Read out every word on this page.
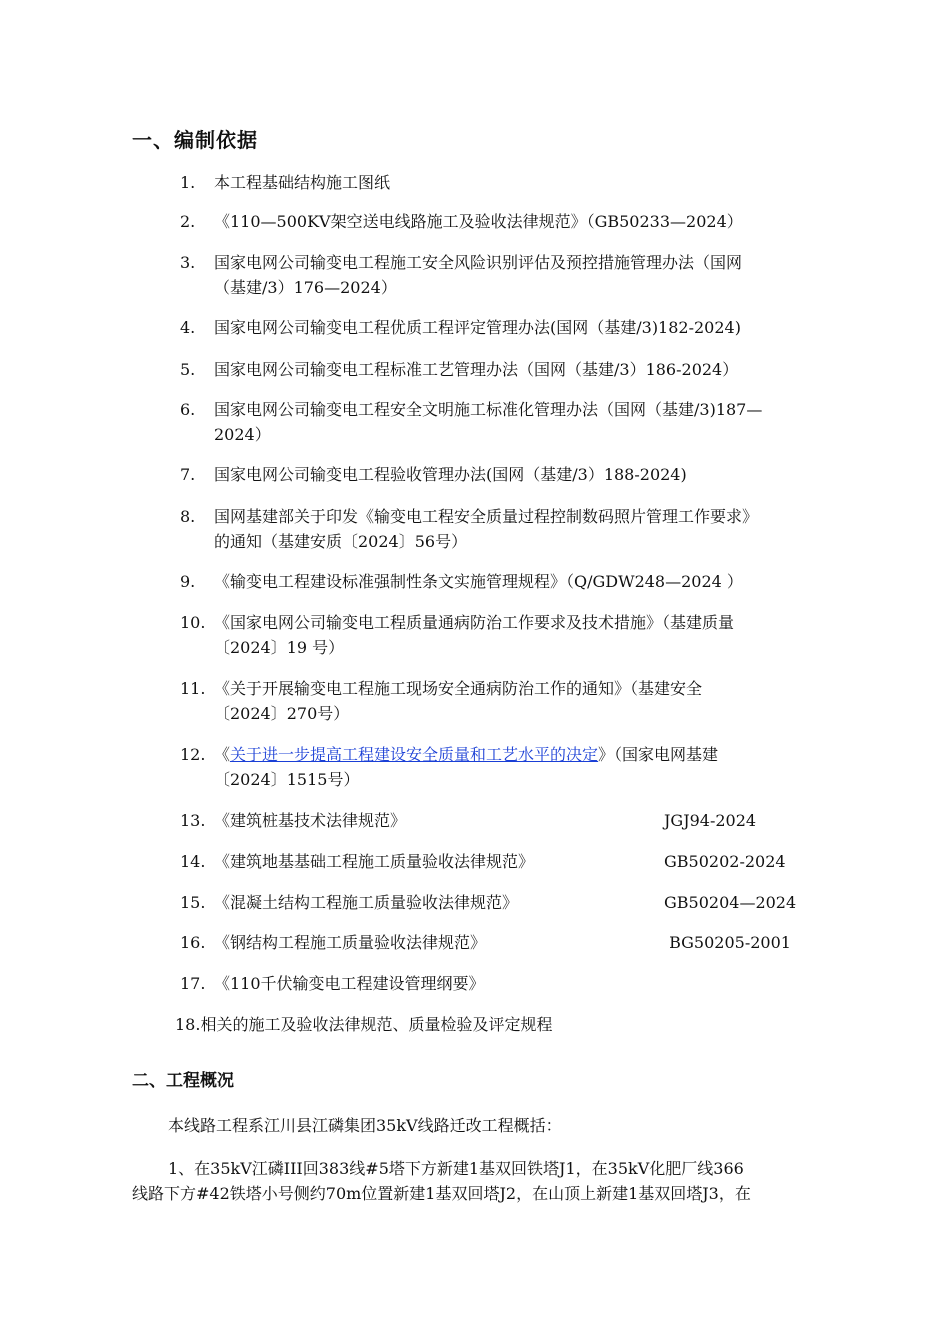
一、编制依据
1. 本工程基础结构施工图纸
2. 《110—500KV架空送电线路施工及验收法律规范》（GB50233—2024）
3. 国家电网公司输变电工程施工安全风险识别评估及预控措施管理办法（国网
（基建/3）176—2024）
4. 国家电网公司输变电工程优质工程评定管理办法(国网（基建/3)182-2024)
5. 国家电网公司输变电工程标准工艺管理办法（国网（基建/3）186-2024）
6. 国家电网公司输变电工程安全文明施工标准化管理办法（国网（基建/3)187—
2024）
7. 国家电网公司输变电工程验收管理办法(国网（基建/3）188-2024)
8. 国网基建部关于印发《输变电工程安全质量过程控制数码照片管理工作要求》
的通知（基建安质〔2024〕56号）
9. 《输变电工程建设标准强制性条文实施管理规程》（Q/GDW248—2024 ）
10. 《国家电网公司输变电工程质量通病防治工作要求及技术措施》（基建质量
〔2024〕19 号）
11. 《关于开展输变电工程施工现场安全通病防治工作的通知》（基建安全
〔2024〕270号）
12. 《关于进一步提高工程建设安全质量和工艺水平的决定》（国家电网基建
〔2024〕1515号）
13. 《建筑桩基技术法律规范》	JGJ94-2024
14. 《建筑地基基础工程施工质量验收法律规范》	GB50202-2024
15. 《混凝土结构工程施工质量验收法律规范》	GB50204—2024
16. 《钢结构工程施工质量验收法律规范》	BG50205-2001
17. 《110千伏输变电工程建设管理纲要》
18.相关的施工及验收法律规范、质量检验及评定规程
二、工程概况
本线路工程系江川县江磷集团35kV线路迁改工程概括：
1、在35kV江磷III回383线#5塔下方新建1基双回铁塔J1，在35kV化肥厂线366
线路下方#42铁塔小号侧约70m位置新建1基双回塔J2，在山顶上新建1基双回塔J3，在
